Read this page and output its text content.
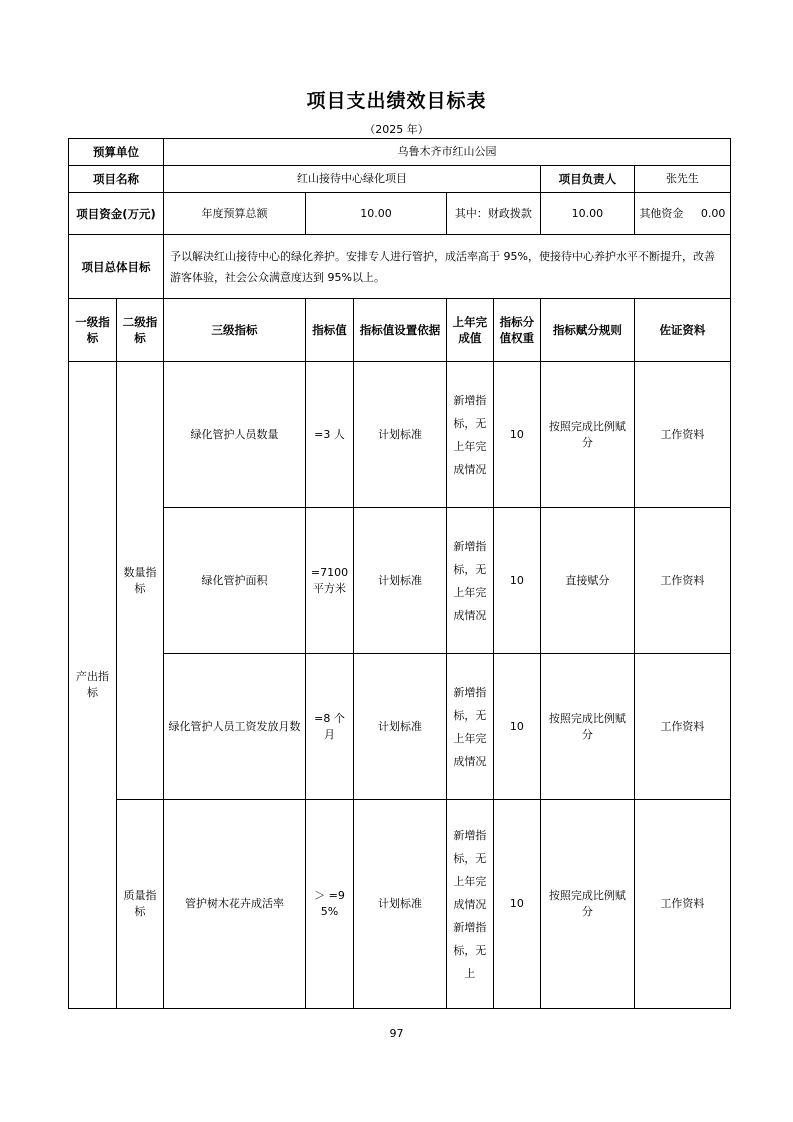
项目支出绩效目标表
（2025 年）
预算单位		乌鲁木齐市红山公园						
项目名称		红山接待中心绿化项目					项目负责人	张先生
项目资金(万元)		年度预算总额	10.00		其中：财政拨款		10.00	其他资金 0.00
项目总体目标		予以解决红山接待中心的绿化养护。安排专人进行管护，成活率高于 95%，使接待中心养护水平不断提升，改善游客体验，社会公众满意度达到 95%以上。						
一级指标	二级指标	三级指标	指标值	指标值设置依据	上年完成值	指标分值权重	指标赋分规则	佐证资料
产出指标	数量指标	绿化管护人员数量	=3 人	计划标准	新增指标，无上年完成情况	10	按照完成比例赋分	工作资料
		绿化管护面积	=7100 平方米	计划标准	新增指标，无上年完成情况	10	直接赋分	工作资料
		绿化管护人员工资发放月数	=8 个月	计划标准	新增指标，无上年完成情况	10	按照完成比例赋分	工作资料
	质量指标	管护树木花卉成活率	＞ =95%	计划标准	新增指标，无上年完成情况新增指标，无上	10	按照完成比例赋分	工作资料
97
